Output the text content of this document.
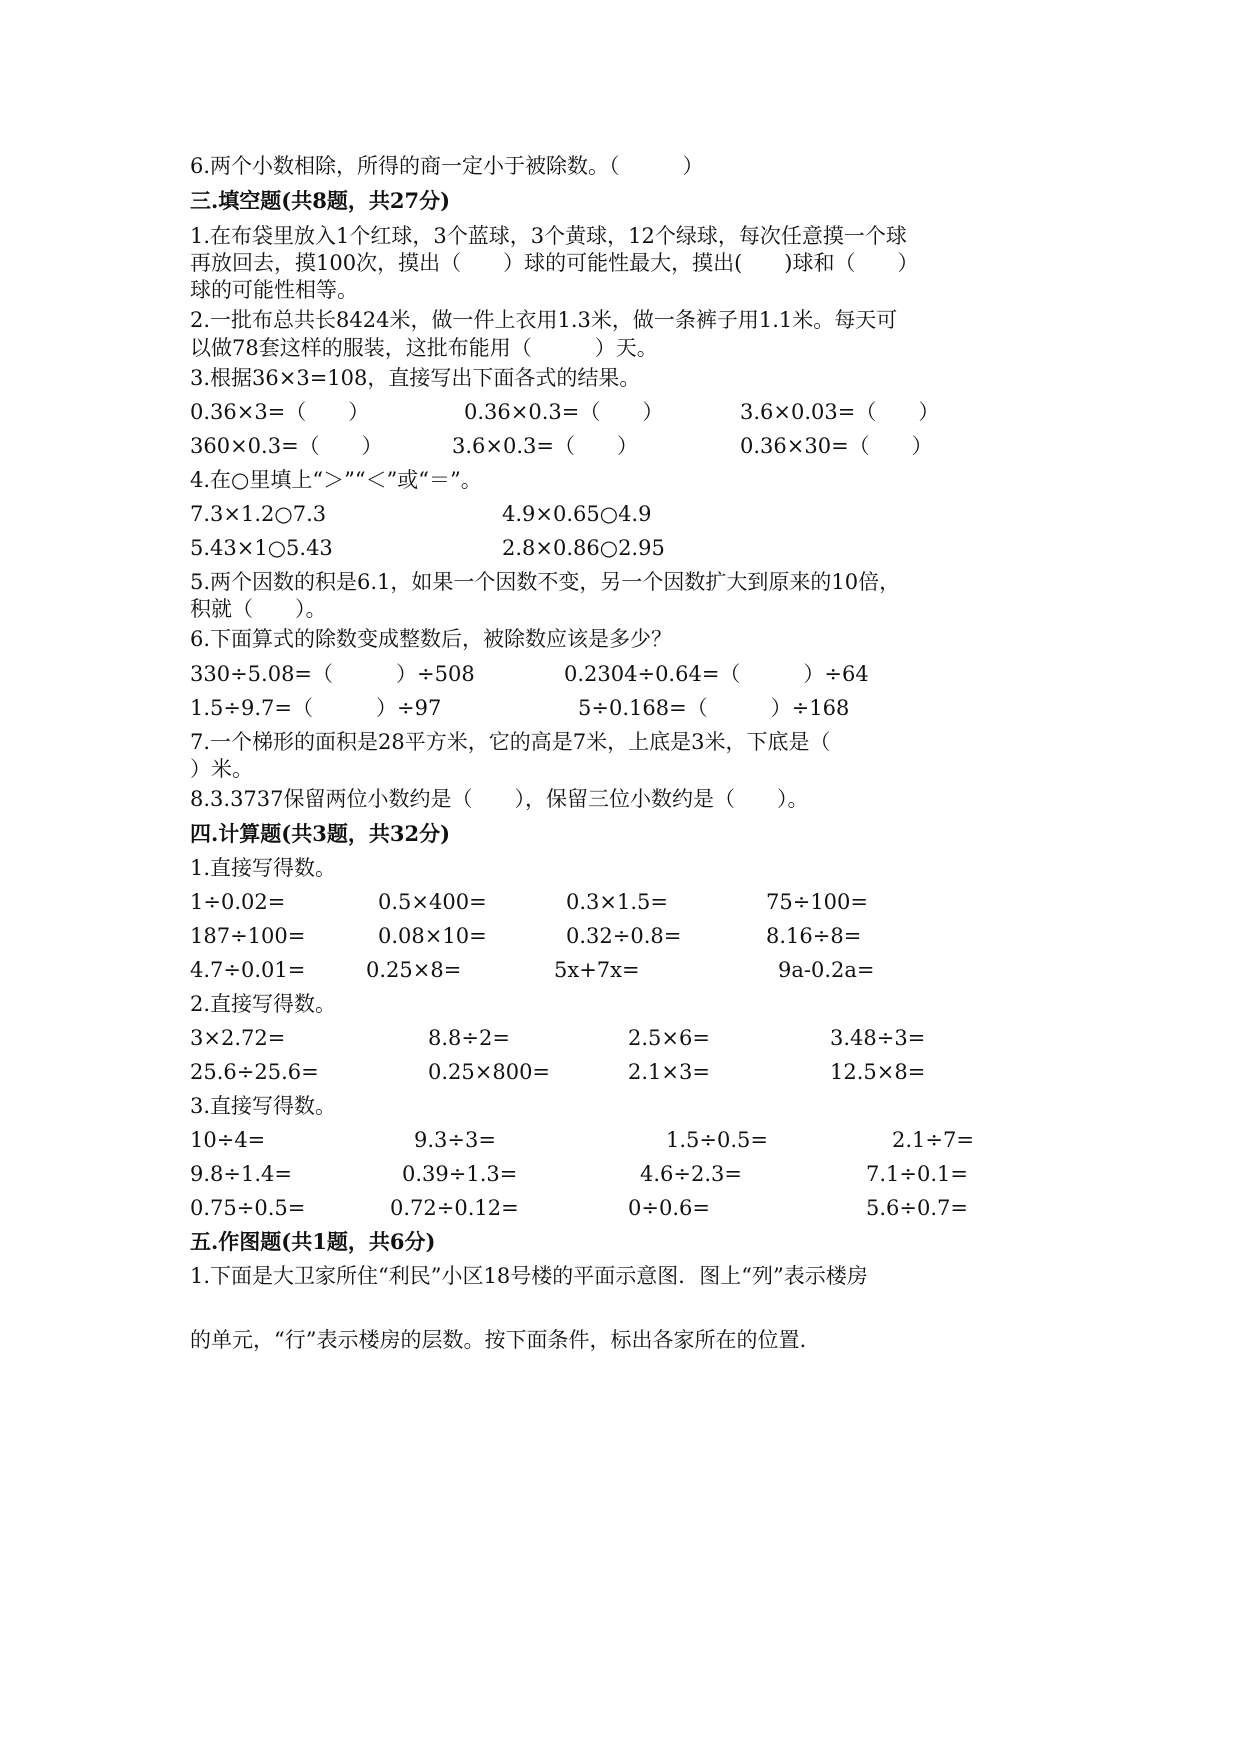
6.两个小数相除，所得的商一定小于被除数。（　　　）
三.填空题(共8题，共27分)
1.在布袋里放入1个红球，3个蓝球，3个黄球，12个绿球，每次任意摸一个球
再放回去，摸100次，摸出（　　）球的可能性最大，摸出(　　)球和（　　）
球的可能性相等。
2.一批布总共长8424米，做一件上衣用1.3米，做一条裤子用1.1米。每天可
以做78套这样的服装，这批布能用（　　　）天。
3.根据36×3=108，直接写出下面各式的结果。
0.36×3=（　　）	0.36×0.3=（　　）	3.6×0.03=（　　）
360×0.3=（　　）	3.6×0.3=（　　）	0.36×30=（　　）
4.在○里填上“＞”“＜”或“＝”。
7.3×1.2○7.3	4.9×0.65○4.9
5.43×1○5.43	2.8×0.86○2.95
5.两个因数的积是6.1，如果一个因数不变，另一个因数扩大到原来的10倍，
积就（　　）。
6.下面算式的除数变成整数后，被除数应该是多少？
330÷5.08=（　　　）÷508	0.2304÷0.64=（　　　）÷64
1.5÷9.7=（　　　）÷97	5÷0.168=（　　　）÷168
7.一个梯形的面积是28平方米，它的高是7米，上底是3米，下底是（
）米。
8.3.3737保留两位小数约是（　　），保留三位小数约是（　　）。
四.计算题(共3题，共32分)
1.直接写得数。
1÷0.02=	0.5×400=	0.3×1.5=	75÷100=
187÷100=	0.08×10=	0.32÷0.8=	8.16÷8=
4.7÷0.01=	0.25×8=	5x+7x=	9a-0.2a=
2.直接写得数。
3×2.72=	8.8÷2=	2.5×6=	3.48÷3=
25.6÷25.6=	0.25×800=	2.1×3=	12.5×8=
3.直接写得数。
10÷4=	9.3÷3=	1.5÷0.5=	2.1÷7=
9.8÷1.4=	0.39÷1.3=	4.6÷2.3=	7.1÷0.1=
0.75÷0.5=	0.72÷0.12=	0÷0.6=	5.6÷0.7=
五.作图题(共1题，共6分)
1.下面是大卫家所住“利民”小区18号楼的平面示意图．图上“列”表示楼房
的单元，“行”表示楼房的层数。按下面条件，标出各家所在的位置.
